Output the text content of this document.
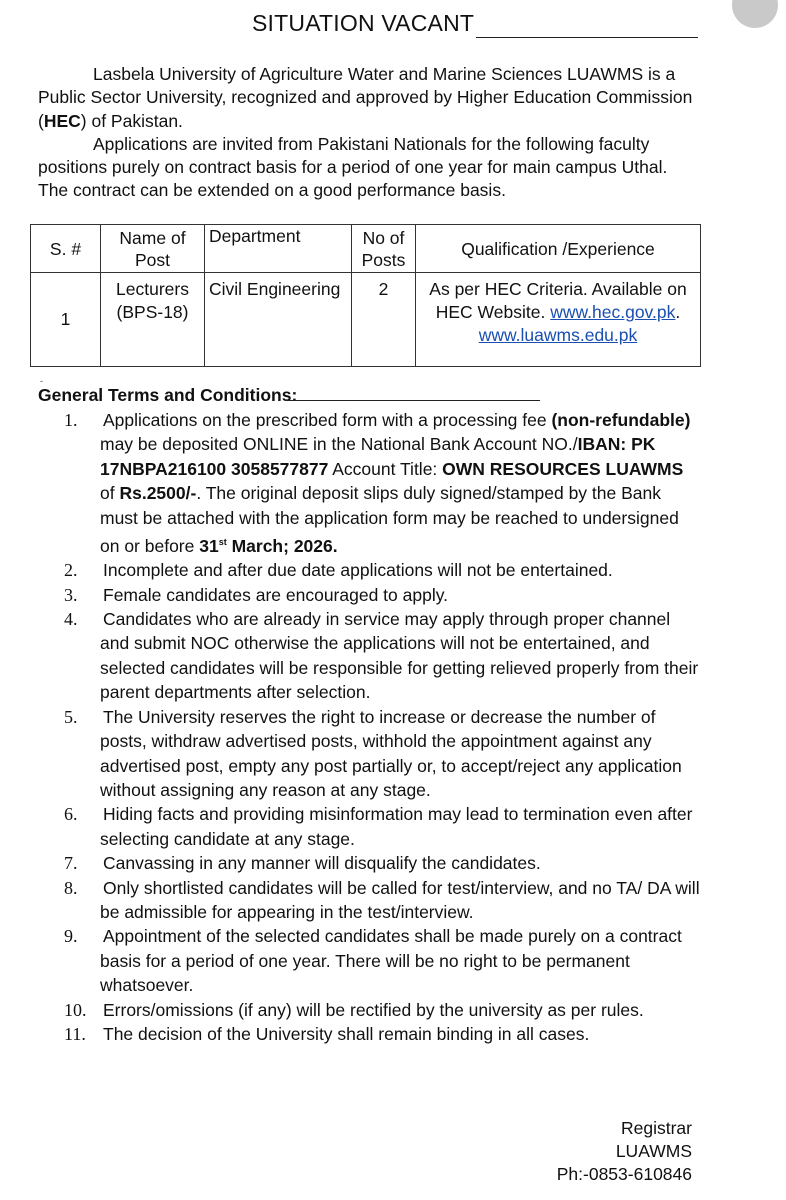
SITUATION VACANT

Lasbela University of Agriculture Water and Marine Sciences LUAWMS is a Public Sector University, recognized and approved by Higher Education Commission (HEC) of Pakistan.

Applications are invited from Pakistani Nationals for the following faculty positions purely on contract basis for a period of one year for main campus Uthal. The contract can be extended on a good performance basis.

S. #	Name of Post	Department	No of Posts	Qualification /Experience
1	Lecturers (BPS-18)	Civil Engineering	2	As per HEC Criteria. Available on HEC Website. www.hec.gov.pk.
www.luawms.edu.pk
-
General Terms and Conditions:
1. Applications on the prescribed form with a processing fee (non-refundable) may be deposited ONLINE in the National Bank Account NO./IBAN: PK 17NBPA216100 3058577877 Account Title: OWN RESOURCES LUAWMS of Rs.2500/-. The original deposit slips duly signed/stamped by the Bank must be attached with the application form may be reached to undersigned on or before 31st March; 2026.
2. Incomplete and after due date applications will not be entertained.
3. Female candidates are encouraged to apply.
4. Candidates who are already in service may apply through proper channel and submit NOC otherwise the applications will not be entertained, and selected candidates will be responsible for getting relieved properly from their parent departments after selection.
5. The University reserves the right to increase or decrease the number of posts, withdraw advertised posts, withhold the appointment against any advertised post, empty any post partially or, to accept/reject any application without assigning any reason at any stage.
6. Hiding facts and providing misinformation may lead to termination even after selecting candidate at any stage.
7. Canvassing in any manner will disqualify the candidates.
8. Only shortlisted candidates will be called for test/interview, and no TA/ DA will be admissible for appearing in the test/interview.
9. Appointment of the selected candidates shall be made purely on a contract basis for a period of one year. There will be no right to be permanent whatsoever.
10. Errors/omissions (if any) will be rectified by the university as per rules.
11. The decision of the University shall remain binding in all cases.
Registrar
LUAWMS
Ph:-0853-610846
